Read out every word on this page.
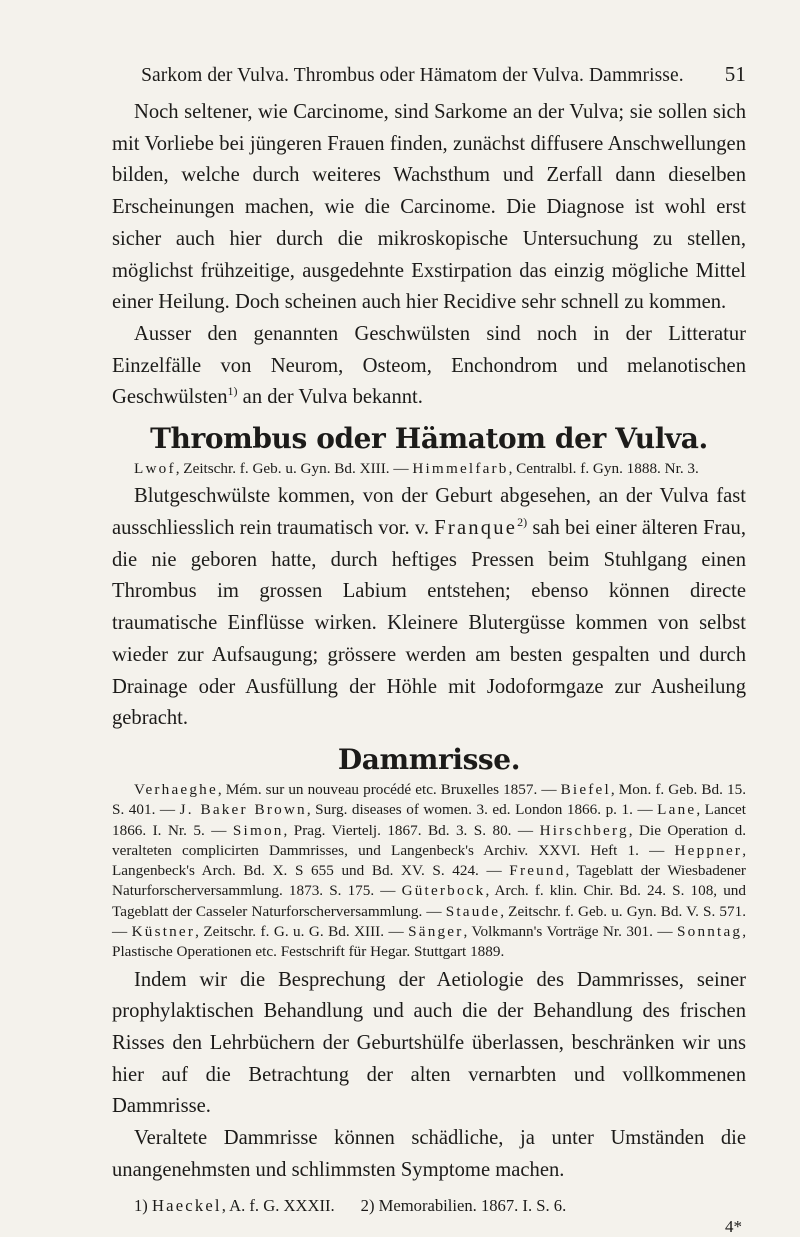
Sarkom der Vulva. Thrombus oder Hämatom der Vulva. Dammrisse.	51

Noch seltener, wie Carcinome, sind Sarkome an der Vulva; sie sollen sich mit Vorliebe bei jüngeren Frauen finden, zunächst diffusere Anschwellungen bilden, welche durch weiteres Wachsthum und Zerfall dann dieselben Erscheinungen machen, wie die Carcinome. Die Diagnose ist wohl erst sicher auch hier durch die mikroskopische Untersuchung zu stellen, möglichst frühzeitige, ausgedehnte Exstirpation das einzig mögliche Mittel einer Heilung. Doch scheinen auch hier Recidive sehr schnell zu kommen.

Ausser den genannten Geschwülsten sind noch in der Litteratur Einzelfälle von Neurom, Osteom, Enchondrom und melanotischen Geschwülsten$^{1)}$ an der Vulva bekannt.

Thrombus oder Hämatom der Vulva.

Lwof, Zeitschr. f. Geb. u. Gyn. Bd. XIII. — Himmelfarb, Centralbl. f. Gyn. 1888. Nr. 3.

Blutgeschwülste kommen, von der Geburt abgesehen, an der Vulva fast ausschliesslich rein traumatisch vor. v. Franque$^{2)}$ sah bei einer älteren Frau, die nie geboren hatte, durch heftiges Pressen beim Stuhlgang einen Thrombus im grossen Labium entstehen; ebenso können directe traumatische Einflüsse wirken. Kleinere Blutergüsse kommen von selbst wieder zur Aufsaugung; grössere werden am besten gespalten und durch Drainage oder Ausfüllung der Höhle mit Jodoformgaze zur Ausheilung gebracht.

Dammrisse.

Verhaeghe, Mém. sur un nouveau procédé etc. Bruxelles 1857. — Biefel, Mon. f. Geb. Bd. 15. S. 401. — J. Baker Brown, Surg. diseases of women. 3. ed. London 1866. p. 1. — Lane, Lancet 1866. I. Nr. 5. — Simon, Prag. Viertelj. 1867. Bd. 3. S. 80. — Hirschberg, Die Operation d. veralteten complicirten Dammrisses, und Langenbeck's Archiv. XXVI. Heft 1. — Heppner, Langenbeck's Arch. Bd. X. S 655 und Bd. XV. S. 424. — Freund, Tageblatt der Wiesbadener Naturforscherversammlung. 1873. S. 175. — Güterbock, Arch. f. klin. Chir. Bd. 24. S. 108, und Tageblatt der Casseler Naturforscherversammlung. — Staude, Zeitschr. f. Geb. u. Gyn. Bd. V. S. 571. — Küstner, Zeitschr. f. G. u. G. Bd. XIII. — Sänger, Volkmann's Vorträge Nr. 301. — Sonntag, Plastische Operationen etc. Festschrift für Hegar. Stuttgart 1889.

Indem wir die Besprechung der Aetiologie des Dammrisses, seiner prophylaktischen Behandlung und auch die der Behandlung des frischen Risses den Lehrbüchern der Geburtshülfe überlassen, beschränken wir uns hier auf die Betrachtung der alten vernarbten und vollkommenen Dammrisse.

Veraltete Dammrisse können schädliche, ja unter Umständen die unangenehmsten und schlimmsten Symptome machen.

1) Haeckel, A. f. G. XXXII. 2) Memorabilien. 1867. I. S. 6.
4*
